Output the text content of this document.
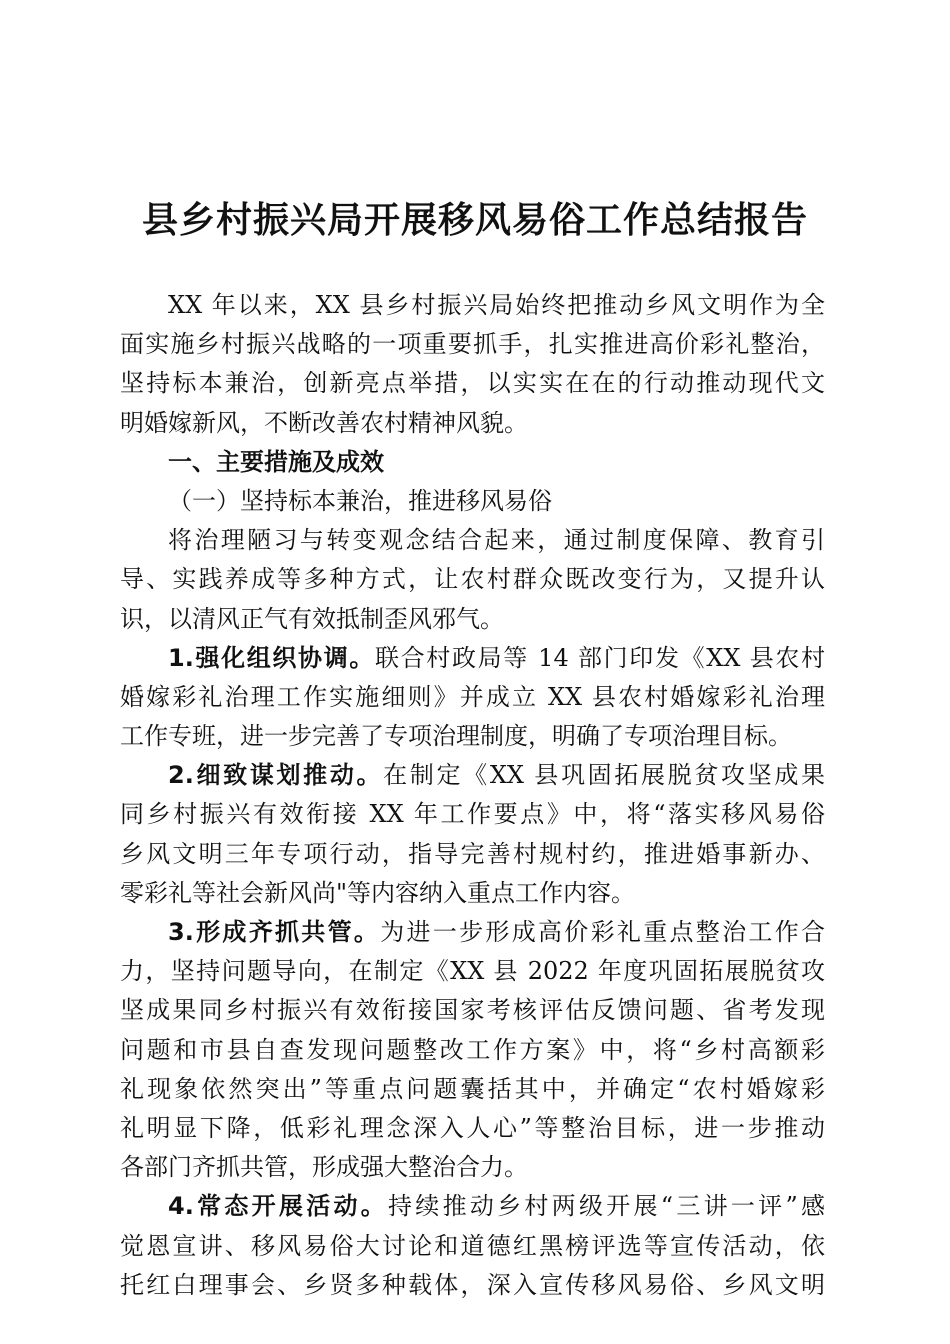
县乡村振兴局开展移风易俗工作总结报告
XX 年以来，XX 县乡村振兴局始终把推动乡风文明作为全
面实施乡村振兴战略的一项重要抓手，扎实推进高价彩礼整治，
坚持标本兼治，创新亮点举措，以实实在在的行动推动现代文
明婚嫁新风，不断改善农村精神风貌。
一、主要措施及成效
（一）坚持标本兼治，推进移风易俗
将治理陋习与转变观念结合起来，通过制度保障、教育引
导、实践养成等多种方式，让农村群众既改变行为，又提升认
识，以清风正气有效抵制歪风邪气。
1.强化组织协调。联合村政局等 14 部门印发《XX 县农村
婚嫁彩礼治理工作实施细则》并成立 XX 县农村婚嫁彩礼治理
工作专班，进一步完善了专项治理制度，明确了专项治理目标。
2.细致谋划推动。在制定《XX 县巩固拓展脱贫攻坚成果
同乡村振兴有效衔接 XX 年工作要点》中，将“落实移风易俗
乡风文明三年专项行动，指导完善村规村约，推进婚事新办、
零彩礼等社会新风尚"等内容纳入重点工作内容。
3.形成齐抓共管。为进一步形成高价彩礼重点整治工作合
力，坚持问题导向，在制定《XX 县 2022 年度巩固拓展脱贫攻
坚成果同乡村振兴有效衔接国家考核评估反馈问题、省考发现
问题和市县自查发现问题整改工作方案》中，将“乡村高额彩
礼现象依然突出”等重点问题囊括其中，并确定“农村婚嫁彩
礼明显下降，低彩礼理念深入人心”等整治目标，进一步推动
各部门齐抓共管，形成强大整治合力。
4.常态开展活动。持续推动乡村两级开展“三讲一评”感
觉恩宣讲、移风易俗大讨论和道德红黑榜评选等宣传活动，依
托红白理事会、乡贤多种载体，深入宣传移风易俗、乡风文明
